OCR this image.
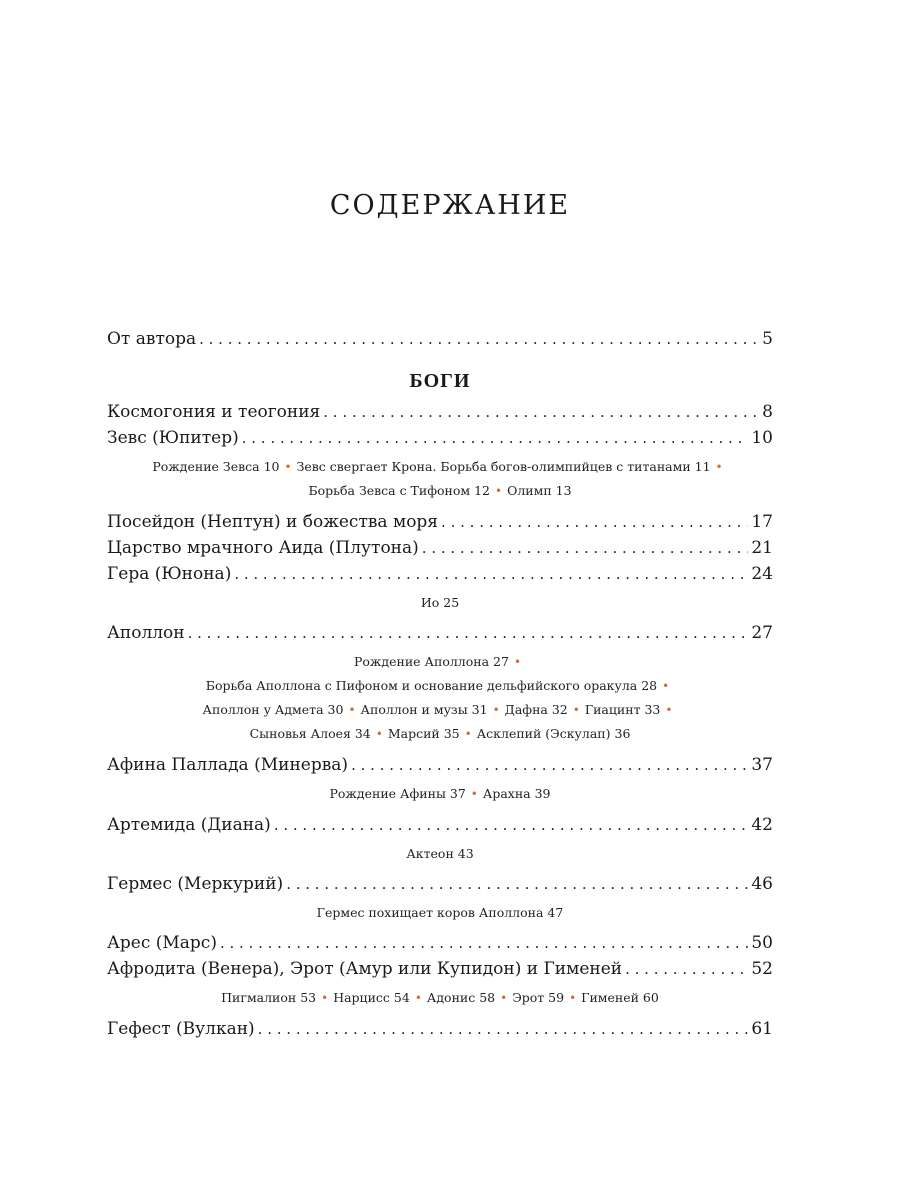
СОДЕРЖАНИЕ
От автора . . .	5
БОГИ
Космогония и теогония . . .	8
Зевс (Юпитер) . . .	10
Рождение Зевса 10 • Зевс свергает Крона. Борьба богов-олимпийцев с титанами 11 •
Борьба Зевса с Тифоном 12 • Олимп 13
Посейдон (Нептун) и божества моря . . .	17
Царство мрачного Аида (Плутона) . . .	21
Гера (Юнона) . . .	24
Ио 25
Аполлон . . .	27
Рождение Аполлона 27 •
Борьба Аполлона с Пифоном и основание дельфийского оракула 28 •
Аполлон у Адмета 30 • Аполлон и музы 31 • Дафна 32 • Гиацинт 33 •
Сыновья Алоея 34 • Марсий 35 • Асклепий (Эскулап) 36
Афина Паллада (Минерва) . . .	37
Рождение Афины 37 • Арахна 39
Артемида (Диана) . . .	42
Актеон 43
Гермес (Меркурий) . . .	46
Гермес похищает коров Аполлона 47
Арес (Марс) . . .	50
Афродита (Венера), Эрот (Амур или Купидон) и Гименей . . .	52
Пигмалион 53 • Нарцисс 54 • Адонис 58 • Эрот 59 • Гименей 60
Гефест (Вулкан) . . .	61
